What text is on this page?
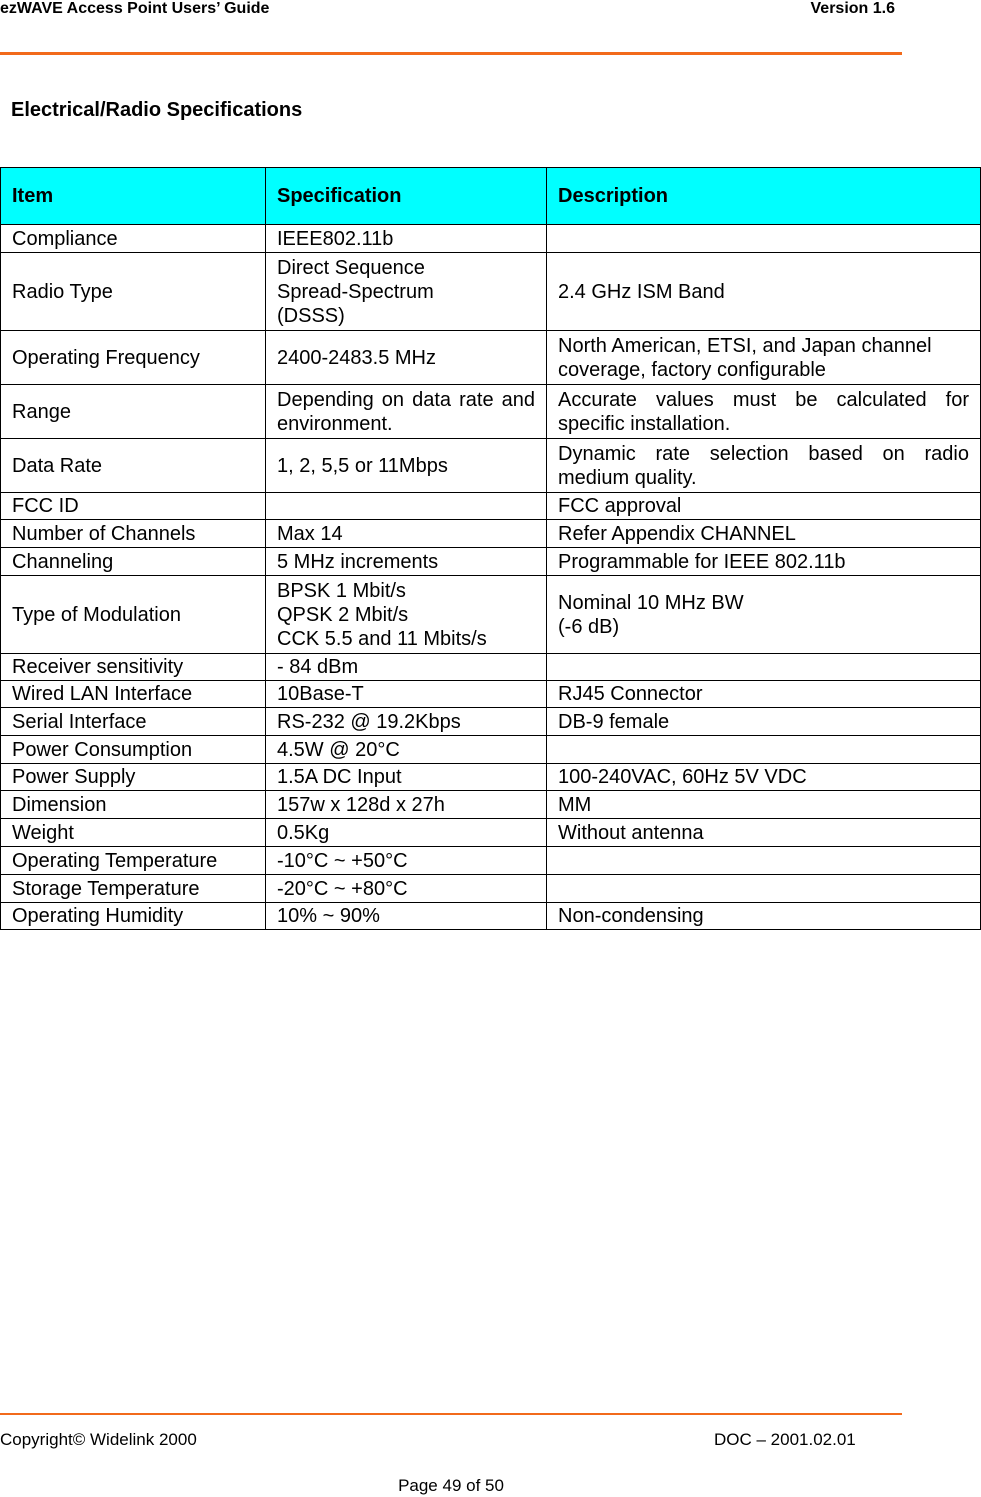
ezWAVE Access Point Users’ Guide	Version 1.6
Electrical/Radio Specifications
Item	Specification	Description
Compliance	IEEE802.11b	
Radio Type	Direct Sequence
Spread-Spectrum
(DSSS)	2.4 GHz ISM Band
Operating Frequency	2400-2483.5 MHz	North American, ETSI, and Japan channel coverage, factory configurable
Range	Depending on data rate and environment.	Accurate values must be calculated for specific installation.
Data Rate	1, 2, 5,5 or 11Mbps	Dynamic rate selection based on radio medium quality.
FCC ID		FCC approval
Number of Channels	Max 14	Refer Appendix CHANNEL
Channeling	5 MHz increments	Programmable for IEEE 802.11b
Type of Modulation	BPSK 1 Mbit/s
QPSK 2 Mbit/s
CCK 5.5 and 11 Mbits/s	Nominal 10 MHz BW
(-6 dB)
Receiver sensitivity	- 84 dBm	
Wired LAN Interface	10Base-T	RJ45 Connector
Serial Interface	RS-232 @ 19.2Kbps	DB-9 female
Power Consumption	4.5W @ 20°C	
Power Supply	1.5A DC Input	100-240VAC, 60Hz 5V VDC
Dimension	157w x 128d x 27h	MM
Weight	0.5Kg	Without antenna
Operating Temperature	-10°C ~ +50°C	
Storage Temperature	-20°C ~ +80°C	
Operating Humidity	10% ~ 90%	Non-condensing
Copyright© Widelink 2000	DOC – 2001.02.01
Page 49 of 50
